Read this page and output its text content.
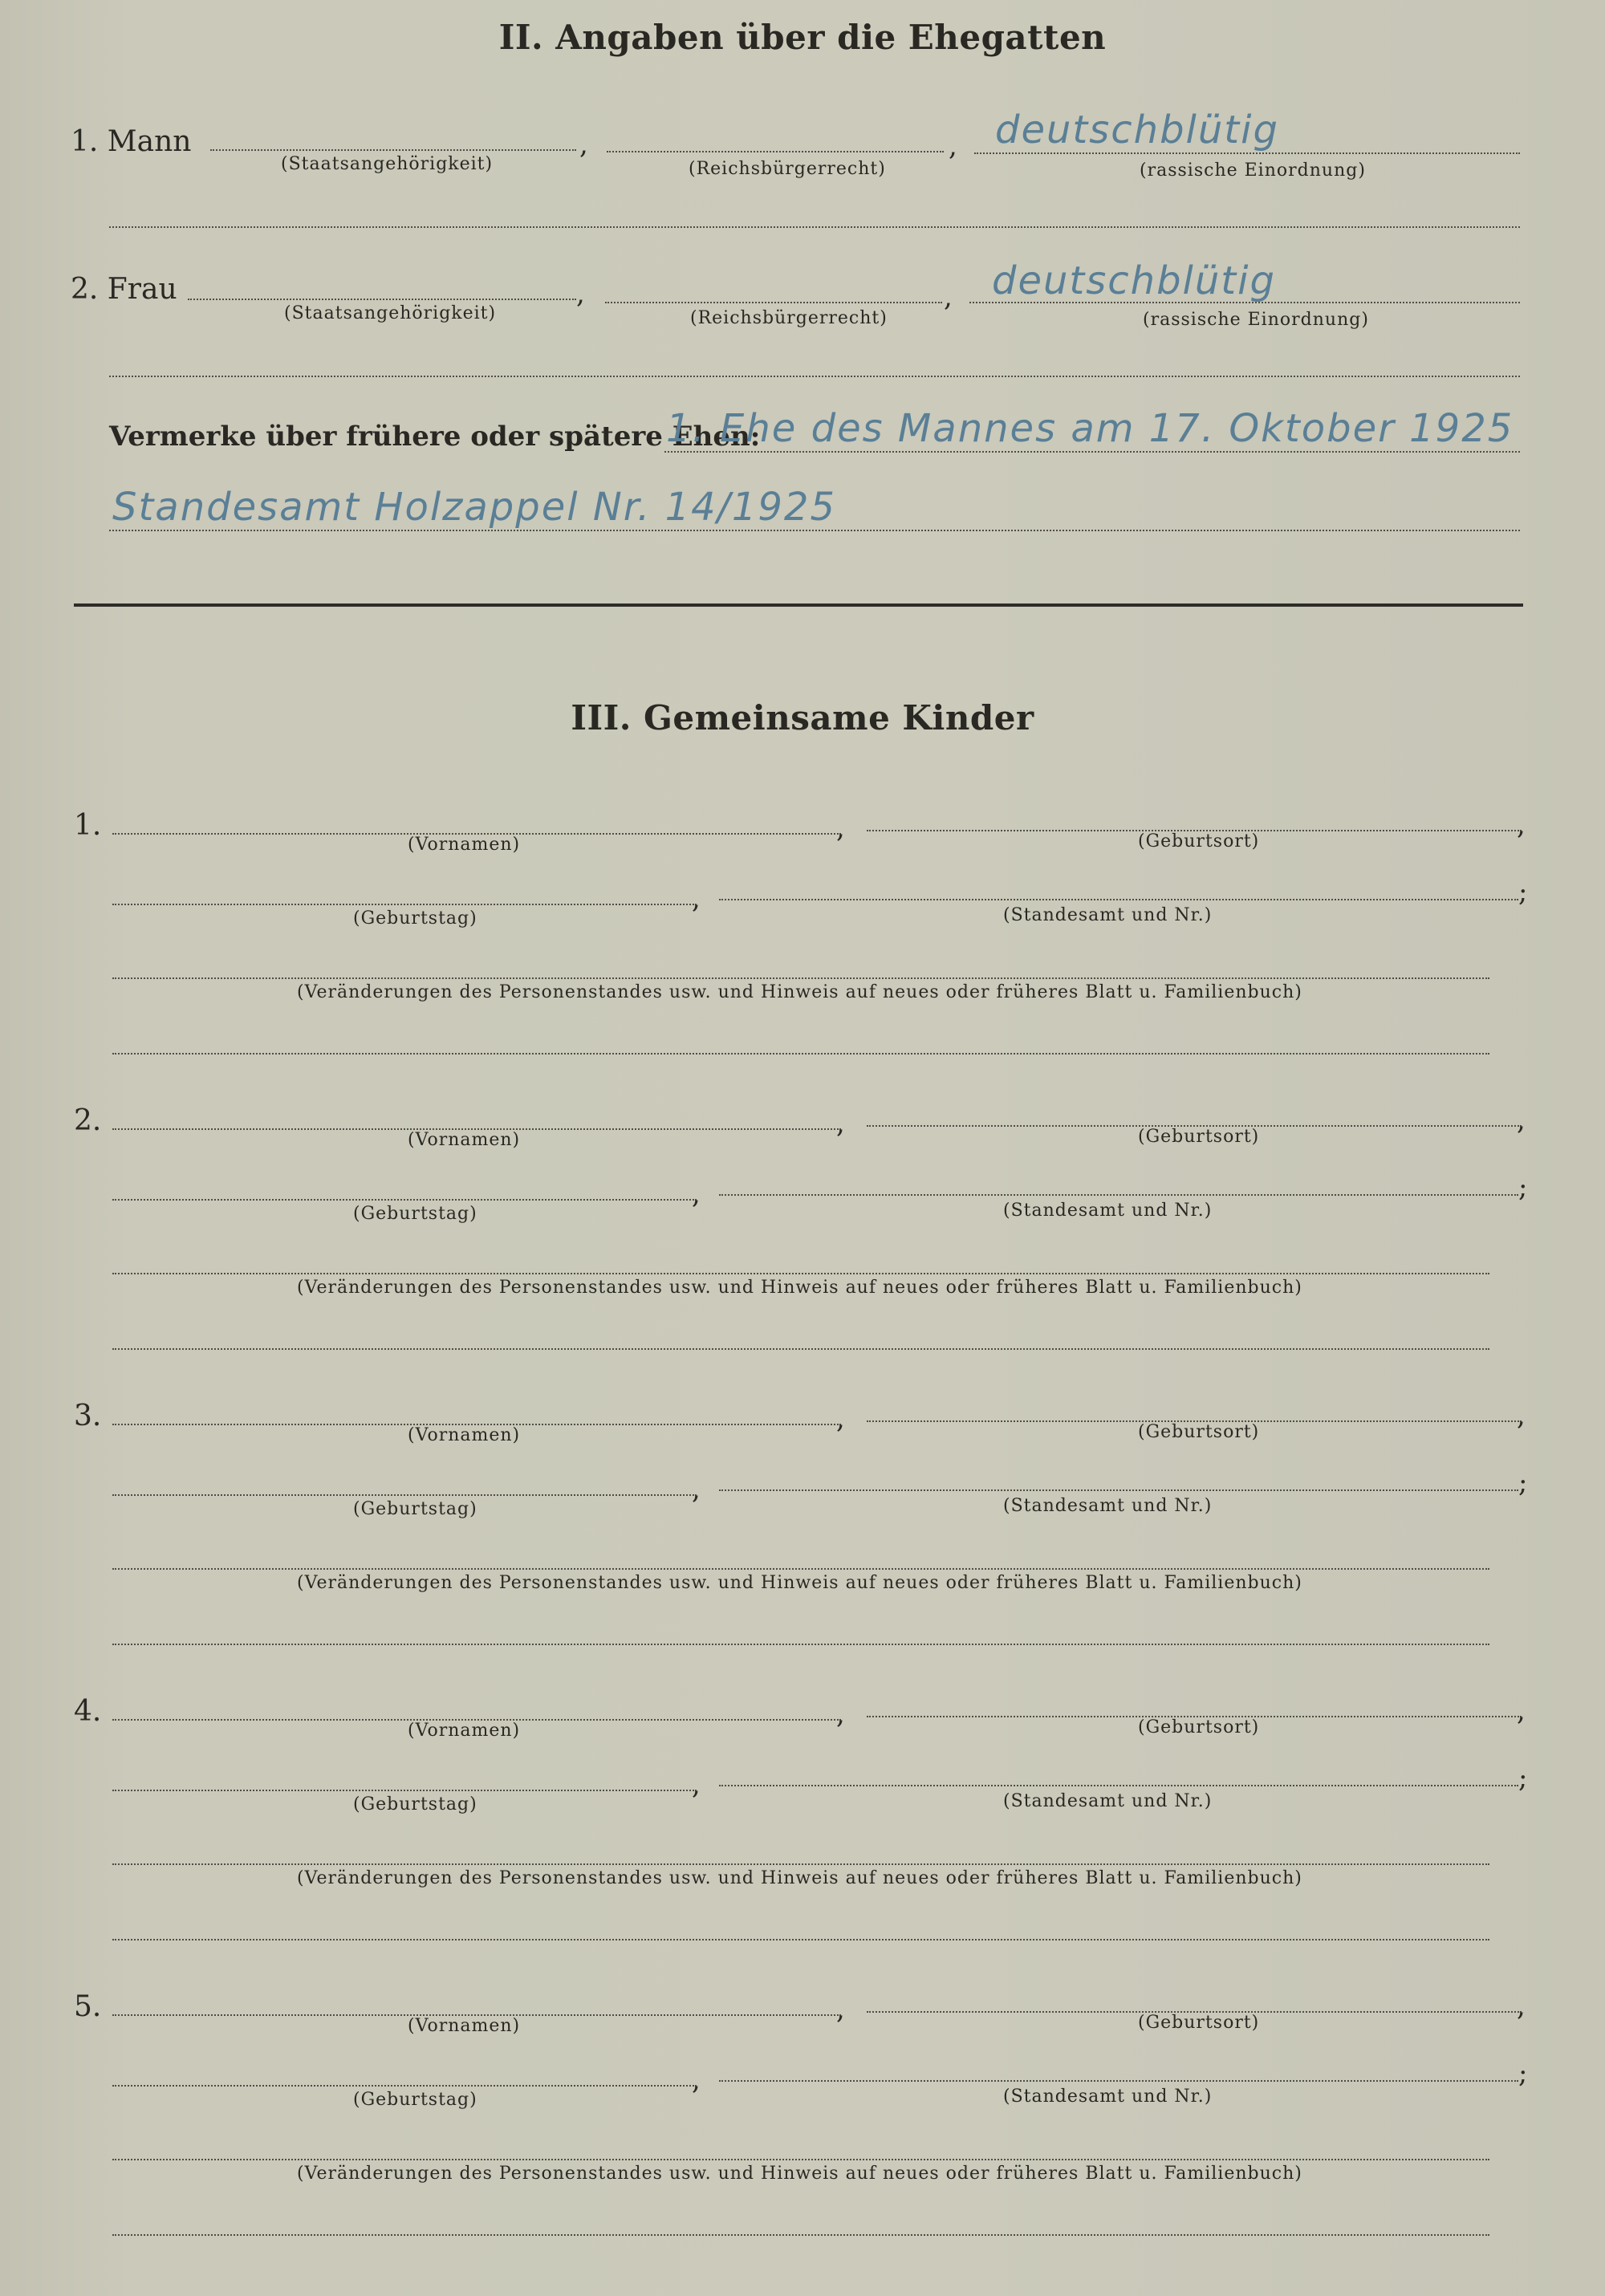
II. Angaben über die Ehegatten
1. Mann	,	,
(Staatsangehörigkeit)	(Reichsbürgerrecht)	(rassische Einordnung)
deutschblütig
2. Frau	,	,
(Staatsangehörigkeit)	(Reichsbürgerrecht)	(rassische Einordnung)
deutschblütig
Vermerke über frühere oder spätere Ehen:
1. Ehe des Mannes am 17. Oktober 1925
Standesamt Holzappel Nr. 14/1925
III. Gemeinsame Kinder
1.	,	,
(Vornamen)	(Geburtsort)
,	;
(Geburtstag)	(Standesamt und Nr.)
(Veränderungen des Personenstandes usw. und Hinweis auf neues oder früheres Blatt u. Familienbuch)
2.	,	,
(Vornamen)	(Geburtsort)
,	;
(Geburtstag)	(Standesamt und Nr.)
(Veränderungen des Personenstandes usw. und Hinweis auf neues oder früheres Blatt u. Familienbuch)
3.	,	,
(Vornamen)	(Geburtsort)
,	;
(Geburtstag)	(Standesamt und Nr.)
(Veränderungen des Personenstandes usw. und Hinweis auf neues oder früheres Blatt u. Familienbuch)
4.	,	,
(Vornamen)	(Geburtsort)
,	;
(Geburtstag)	(Standesamt und Nr.)
(Veränderungen des Personenstandes usw. und Hinweis auf neues oder früheres Blatt u. Familienbuch)
5.	,	,
(Vornamen)	(Geburtsort)
,	;
(Geburtstag)	(Standesamt und Nr.)
(Veränderungen des Personenstandes usw. und Hinweis auf neues oder früheres Blatt u. Familienbuch)
